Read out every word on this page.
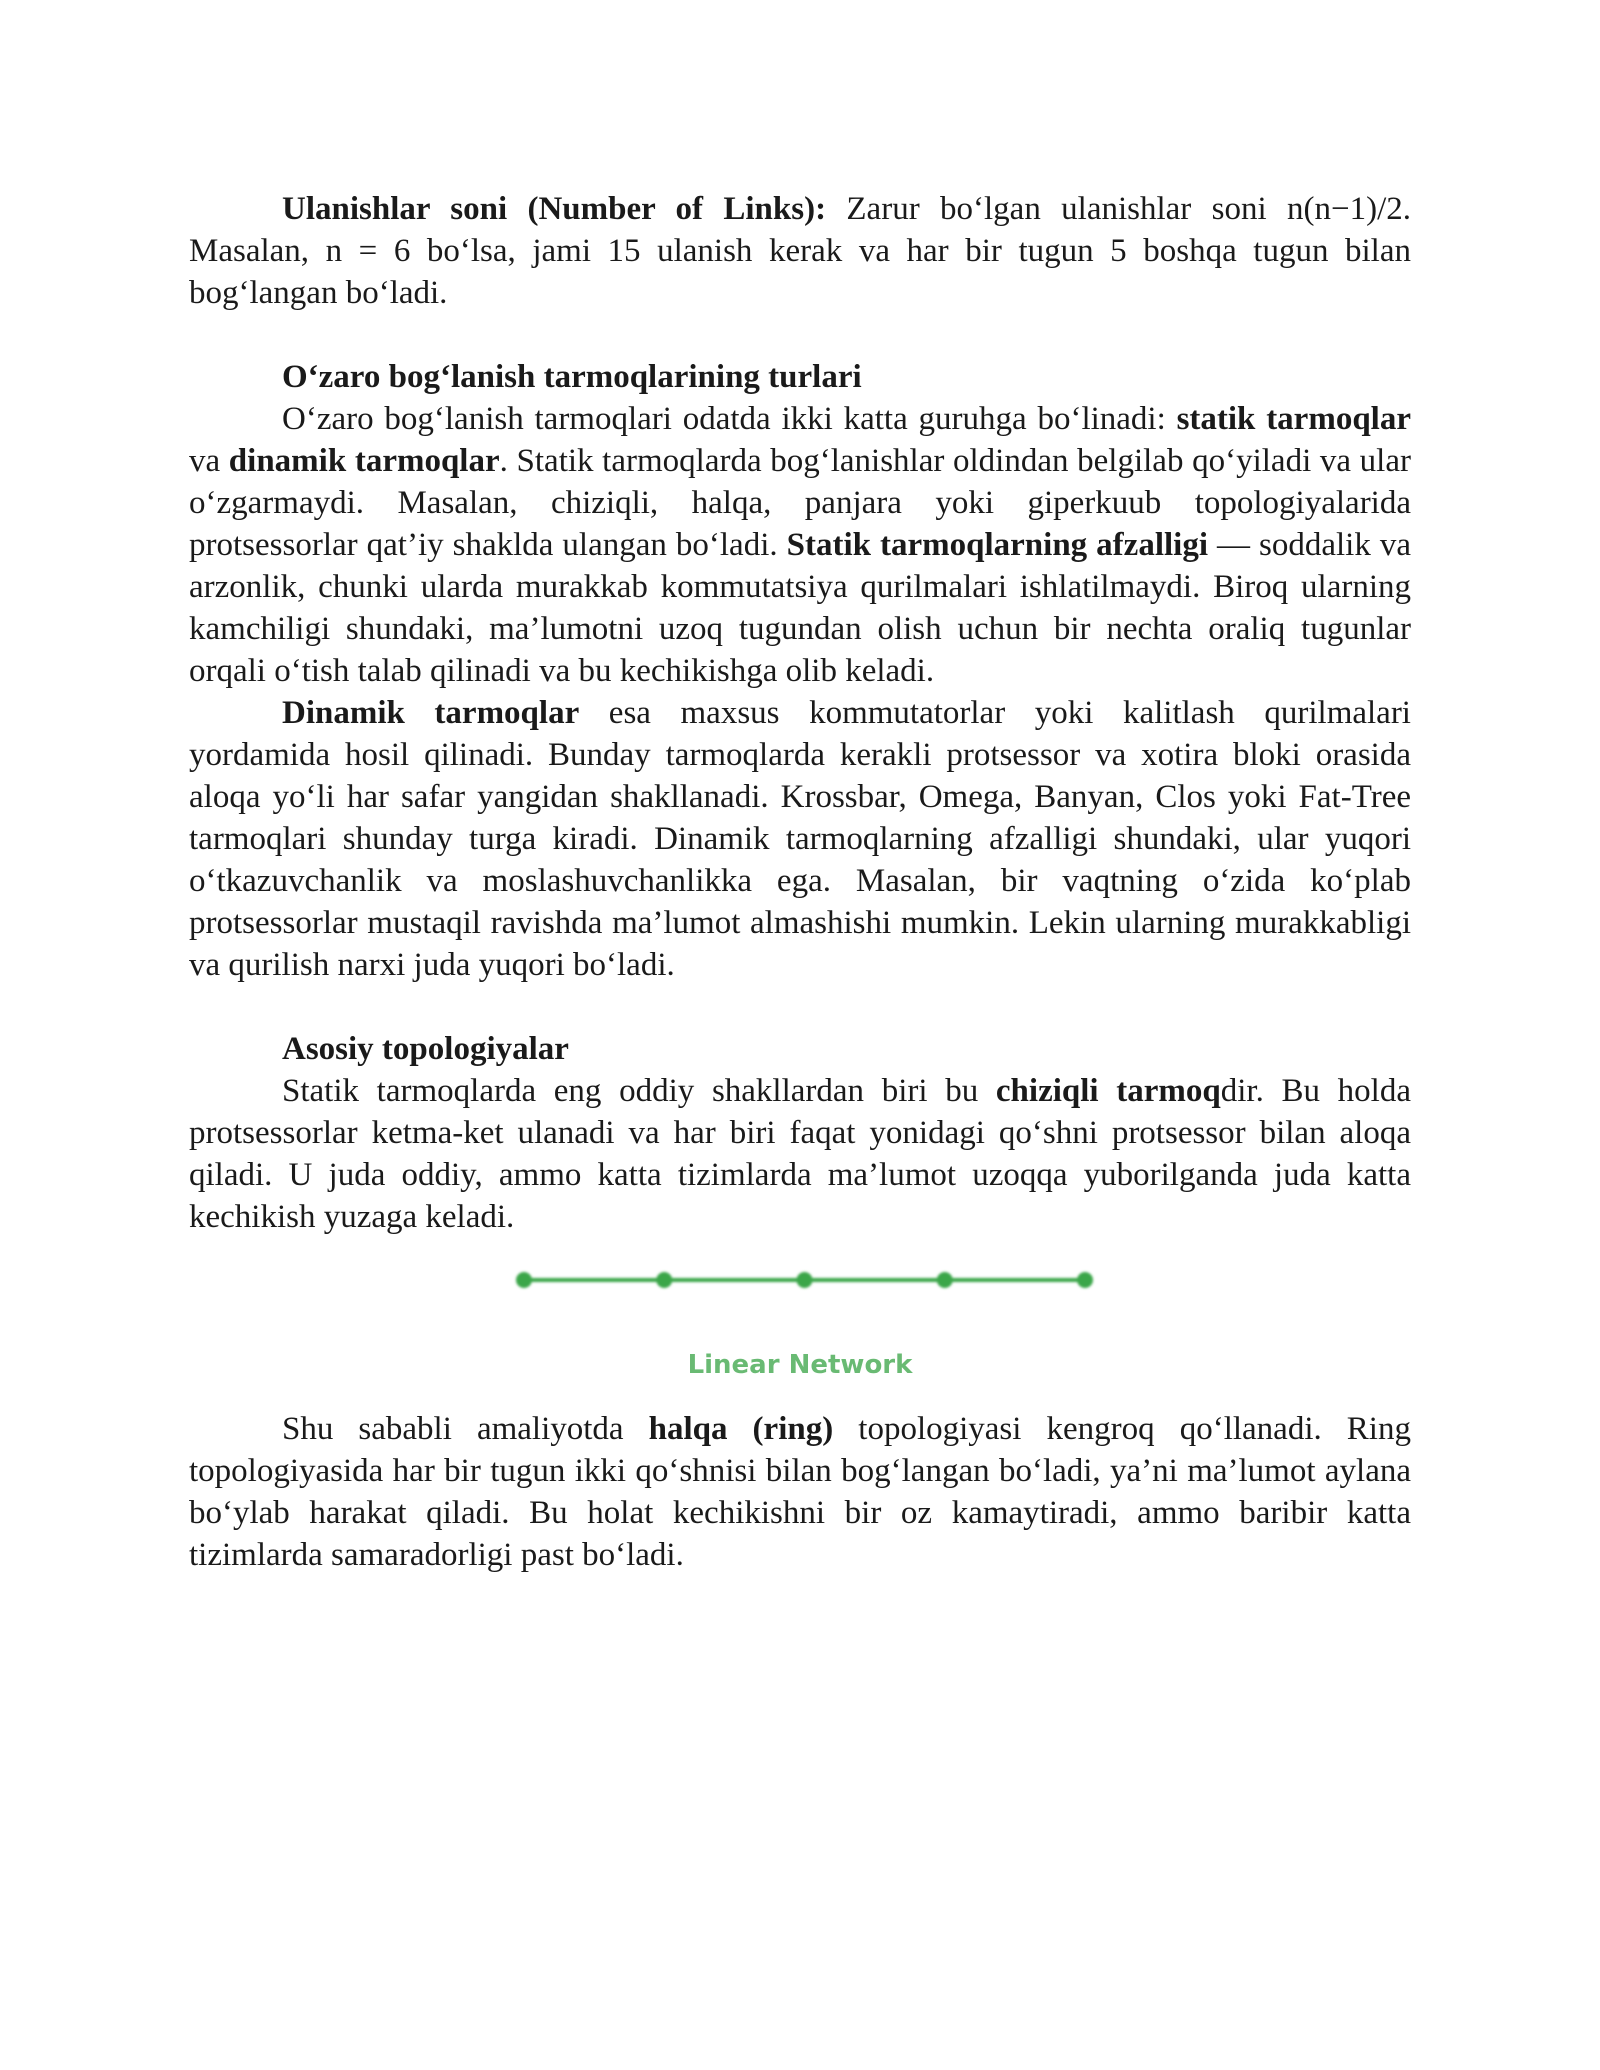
Ulanishlar soni (Number of Links): Zarur bo‘lgan ulanishlar soni n(n−1)/2. Masalan, n = 6 bo‘lsa, jami 15 ulanish kerak va har bir tugun 5 boshqa tugun bilan bog‘langan bo‘ladi.

O‘zaro bog‘lanish tarmoqlarining turlari

O‘zaro bog‘lanish tarmoqlari odatda ikki katta guruhga bo‘linadi: statik tarmoqlar va dinamik tarmoqlar. Statik tarmoqlarda bog‘lanishlar oldindan belgilab qo‘yiladi va ular o‘zgarmaydi. Masalan, chiziqli, halqa, panjara yoki giperkuub topologiyalarida protsessorlar qat’iy shaklda ulangan bo‘ladi. Statik tarmoqlarning afzalligi — soddalik va arzonlik, chunki ularda murakkab kommutatsiya qurilmalari ishlatilmaydi. Biroq ularning kamchiligi shundaki, ma’lumotni uzoq tugundan olish uchun bir nechta oraliq tugunlar orqali o‘tish talab qilinadi va bu kechikishga olib keladi.

Dinamik tarmoqlar esa maxsus kommutatorlar yoki kalitlash qurilmalari yordamida hosil qilinadi. Bunday tarmoqlarda kerakli protsessor va xotira bloki orasida aloqa yo‘li har safar yangidan shakllanadi. Krossbar, Omega, Banyan, Clos yoki Fat-Tree tarmoqlari shunday turga kiradi. Dinamik tarmoqlarning afzalligi shundaki, ular yuqori o‘tkazuvchanlik va moslashuvchanlikka ega. Masalan, bir vaqtning o‘zida ko‘plab protsessorlar mustaqil ravishda ma’lumot almashishi mumkin. Lekin ularning murakkabligi va qurilish narxi juda yuqori bo‘ladi.

Asosiy topologiyalar

Statik tarmoqlarda eng oddiy shakllardan biri bu chiziqli tarmoqdir. Bu holda protsessorlar ketma-ket ulanadi va har biri faqat yonidagi qo‘shni protsessor bilan aloqa qiladi. U juda oddiy, ammo katta tizimlarda ma’lumot uzoqqa yuborilganda juda katta kechikish yuzaga keladi.

Linear Network

Shu sababli amaliyotda halqa (ring) topologiyasi kengroq qo‘llanadi. Ring topologiyasida har bir tugun ikki qo‘shnisi bilan bog‘langan bo‘ladi, ya’ni ma’lumot aylana bo‘ylab harakat qiladi. Bu holat kechikishni bir oz kamaytiradi, ammo baribir katta tizimlarda samaradorligi past bo‘ladi.
